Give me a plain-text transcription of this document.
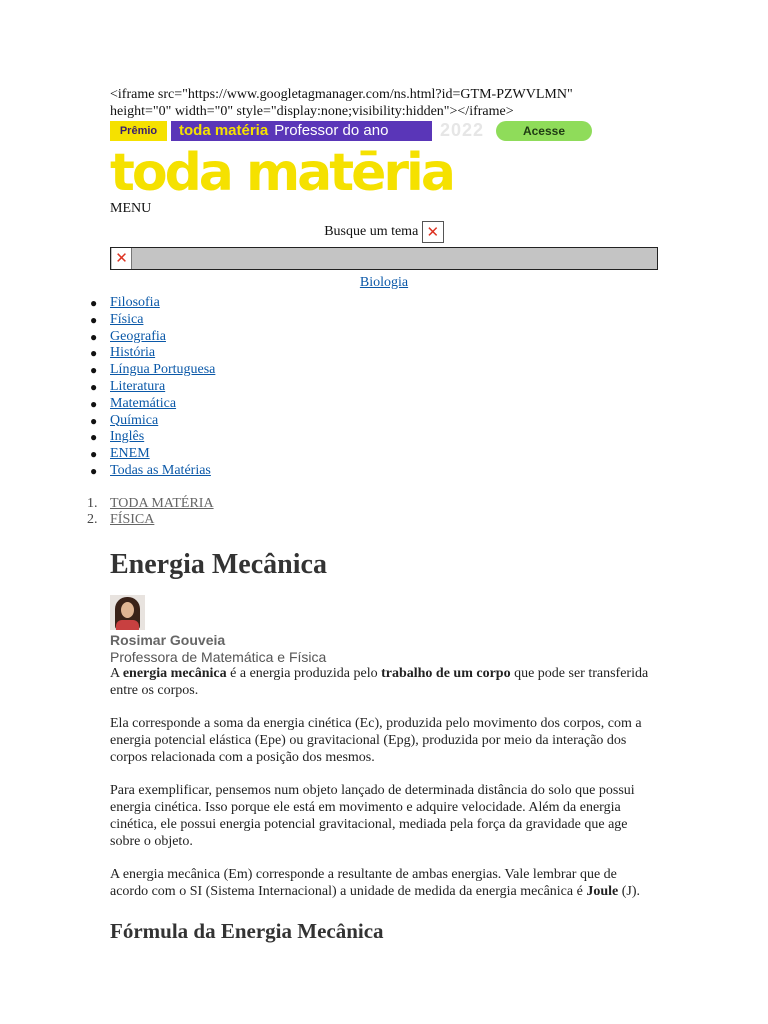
<iframe src="https://www.googletagmanager.com/ns.html?id=GTM-PZWVLMN"
height="0" width="0" style="display:none;visibility:hidden"></iframe>
Prêmio	toda matéria Professor do ano	2022	Acesse
toda matēria
MENU
Busque um tema ✕
✕
Biologia
● Filosofia
● Física
● Geografia
● História
● Língua Portuguesa
● Literatura
● Matemática
● Química
● Inglês
● ENEM
● Todas as Matérias
1. TODA MATÉRIA
2. FÍSICA
Energia Mecânica
Rosimar Gouveia
Professora de Matemática e Física

A energia mecânica é a energia produzida pelo trabalho de um corpo que pode ser transferida entre os corpos.

Ela corresponde a soma da energia cinética (Ec), produzida pelo movimento dos corpos, com a energia potencial elástica (Epe) ou gravitacional (Epg), produzida por meio da interação dos corpos relacionada com a posição dos mesmos.

Para exemplificar, pensemos num objeto lançado de determinada distância do solo que possui energia cinética. Isso porque ele está em movimento e adquire velocidade. Além da energia cinética, ele possui energia potencial gravitacional, mediada pela força da gravidade que age sobre o objeto.

A energia mecânica (Em) corresponde a resultante de ambas energias. Vale lembrar que de acordo com o SI (Sistema Internacional) a unidade de medida da energia mecânica é Joule (J).

Fórmula da Energia Mecânica
